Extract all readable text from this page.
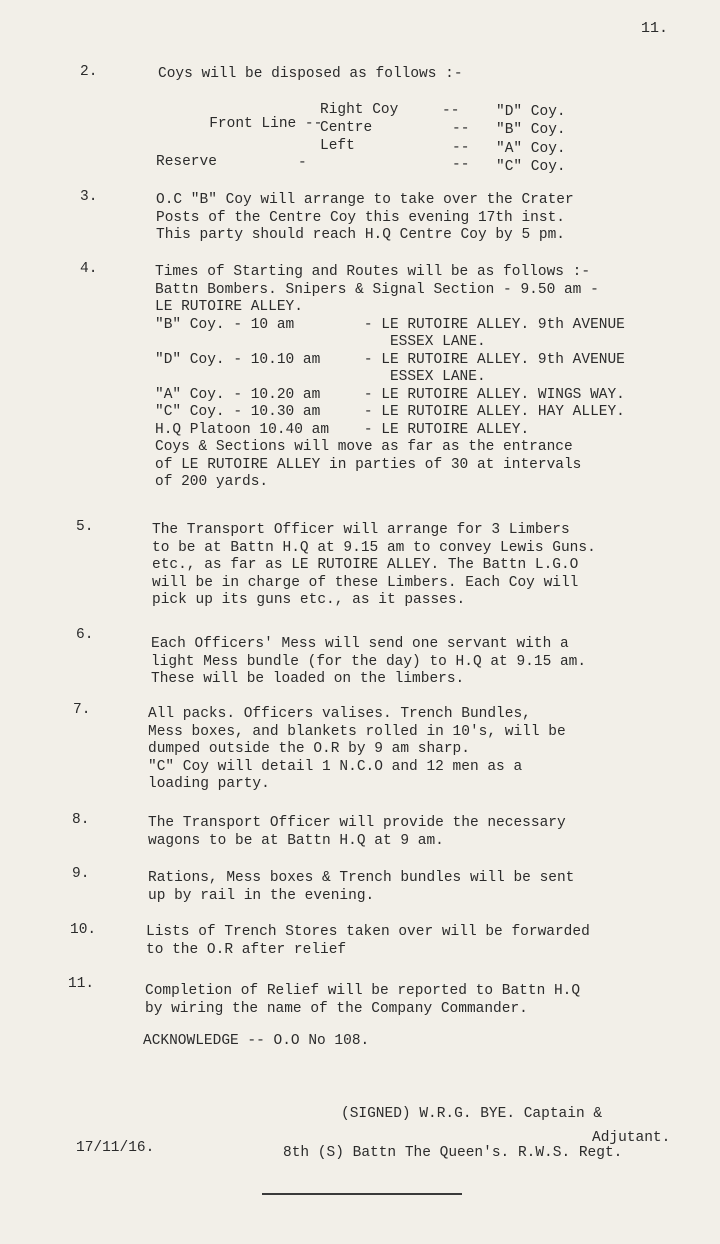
11.
2.	Coys will be disposed as follows :-

Front Line --

Right Coy	--	"D" Coy.
Centre	-- "B" Coy.
Left	-- "A" Coy.
Reserve	-	-- "C" Coy.
3.	O.C "B" Coy will arrange to take over the Crater
Posts of the Centre Coy this evening 17th inst.
This party should reach H.Q Centre Coy by 5 pm.
4.	Times of Starting and Routes will be as follows :-
Battn Bombers. Snipers & Signal Section - 9.50 am -
LE RUTOIRE ALLEY.
"B" Coy. - 10 am        - LE RUTOIRE ALLEY. 9th AVENUE
ESSEX LANE.
"D" Coy. - 10.10 am     - LE RUTOIRE ALLEY. 9th AVENUE
ESSEX LANE.
"A" Coy. - 10.20 am     - LE RUTOIRE ALLEY. WINGS WAY.
"C" Coy. - 10.30 am     - LE RUTOIRE ALLEY. HAY ALLEY.
H.Q Platoon 10.40 am    - LE RUTOIRE ALLEY.
Coys & Sections will move as far as the entrance
of LE RUTOIRE ALLEY in parties of 30 at intervals
of 200 yards.
5.	The Transport Officer will arrange for 3 Limbers
to be at Battn H.Q at 9.15 am to convey Lewis Guns.
etc., as far as LE RUTOIRE ALLEY. The Battn L.G.O
will be in charge of these Limbers. Each Coy will
pick up its guns etc., as it passes.
6.
Each Officers' Mess will send one servant with a
light Mess bundle (for the day) to H.Q at 9.15 am.
These will be loaded on the limbers.
7.	All packs. Officers valises. Trench Bundles,
Mess boxes, and blankets rolled in 10's, will be
dumped outside the O.R by 9 am sharp.
"C" Coy will detail 1 N.C.O and 12 men as a
loading party.
8.	The Transport Officer will provide the necessary
wagons to be at Battn H.Q at 9 am.
9.	Rations, Mess boxes & Trench bundles will be sent
up by rail in the evening.
10.	Lists of Trench Stores taken over will be forwarded
to the O.R after relief
11.	Completion of Relief will be reported to Battn H.Q
by wiring the name of the Company Commander.
ACKNOWLEDGE -- O.O No 108.
(SIGNED) W.R.G. BYE. Captain &
Adjutant.
17/11/16.	8th (S) Battn The Queen's. R.W.S. Regt.
